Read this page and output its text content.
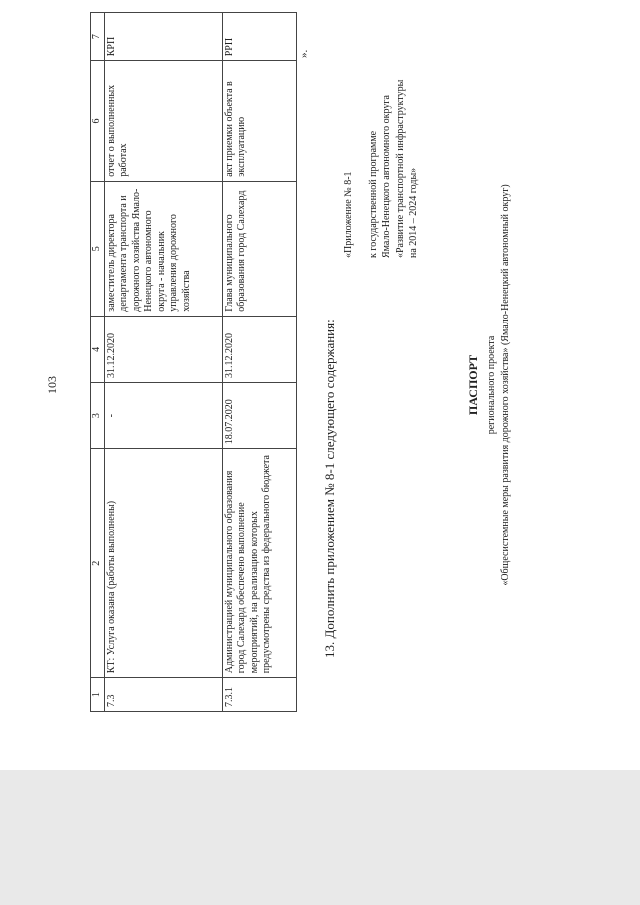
103
1	2	3	4	5	6	7
7.3	КТ: Услуга оказана (работы выполнены)	-	31.12.2020	заместитель директора департамента транспорта и дорожного хозяйства Ямало-Ненецкого автономного округа - начальник управления дорожного хозяйства	отчет о выполненных работах	КРП
7.3.1	Администрацией муниципального образования город Салехард обеспечено выполнение мероприятий, на реализацию которых предусмотрены средства из федерального бюджета	18.07.2020	31.12.2020	Глава муниципального образования город Салехард	акт приемки объекта в эксплуатацию	РРП	».
13. Дополнить приложением № 8-1 следующего содержания:
«Приложение № 8-1 к государственной программе Ямало-Ненецкого автономного округа «Развитие транспортной инфраструктуры на 2014 – 2024 годы»
ПАСПОРТ регионального проекта «Общесистемные меры развития дорожного хозяйства» (Ямало-Ненецкий автономный округ)
